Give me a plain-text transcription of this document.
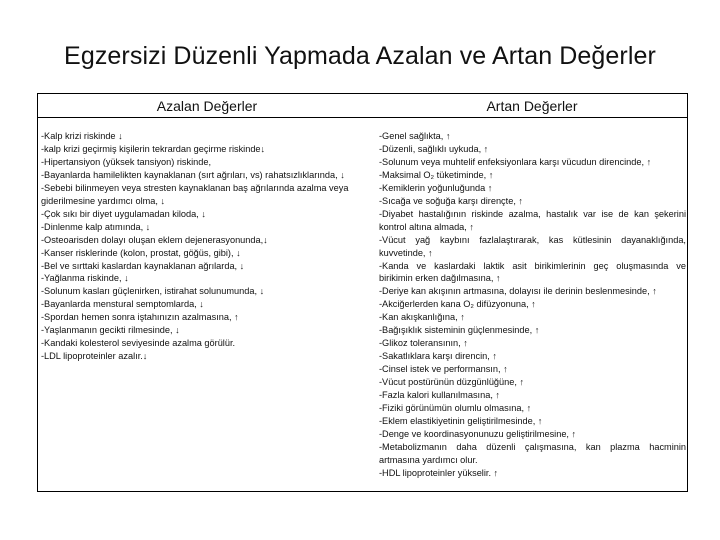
Egzersizi Düzenli Yapmada Azalan ve Artan Değerler
Azalan Değerler	Artan Değerler
-Kalp krizi riskinde ↓
-kalp krizi geçirmiş kişilerin tekrardan geçirme riskinde↓
-Hipertansiyon (yüksek tansiyon) riskinde,
-Bayanlarda hamilelikten kaynaklanan (sırt ağrıları, vs) rahatsızlıklarında, ↓
-Sebebi bilinmeyen veya stresten kaynaklanan baş ağrılarında azalma veya
giderilmesine yardımcı olma, ↓
-Çok sıkı bir diyet uygulamadan kiloda, ↓
-Dinlenme kalp atımında, ↓
-Osteoarisden dolayı oluşan eklem dejenerasyonunda,↓
-Kanser risklerinde (kolon, prostat, göğüs, gibi), ↓
-Bel ve sırttaki kaslardan kaynaklanan ağrılarda, ↓
-Yağlanma riskinde, ↓
-Solunum kasları güçlenirken, istirahat solunumunda, ↓
-Bayanlarda menstural semptomlarda, ↓
-Spordan hemen sonra iştahınızın azalmasına, ↑
-Yaşlanmanın gecikti rilmesinde, ↓
-Kandaki kolesterol seviyesinde azalma görülür.
-LDL lipoproteinler azalır.↓
-Genel sağlıkta, ↑
-Düzenli, sağlıklı uykuda, ↑
-Solunum veya muhtelif enfeksiyonlara karşı vücudun direncinde, ↑
-Maksimal O₂ tüketiminde, ↑
-Kemiklerin yoğunluğunda ↑
-Sıcağa ve soğuğa karşı dirençte, ↑
-Diyabet hastalığının riskinde azalma, hastalık var ise de kan şekerini
kontrol altına almada, ↑
-Vücut yağ kaybını fazlalaştırarak, kas kütlesinin dayanaklığında,
kuvvetinde, ↑
-Kanda ve kaslardaki laktik asit birikimlerinin geç oluşmasında ve
birikimin erken dağılmasına, ↑
-Deriye kan akışının artmasına, dolayısı ile derinin beslenmesinde, ↑
-Akciğerlerden kana O₂ difüzyonuna, ↑
-Kan akışkanlığına, ↑
-Bağışıklık sisteminin güçlenmesinde, ↑
-Glikoz toleransının, ↑
-Sakatlıklara karşı direncin, ↑
-Cinsel istek ve performansın, ↑
-Vücut postürünün düzgünlüğüne, ↑
-Fazla kalori kullanılmasına, ↑
-Fiziki görünümün olumlu olmasına, ↑
-Eklem elastikiyetinin geliştirilmesinde, ↑
-Denge ve koordinasyonunuzu geliştirilmesine, ↑
-Metabolizmanın daha düzenli çalışmasına, kan plazma hacminin
artmasına yardımcı olur.
-HDL lipoproteinler yükselir. ↑
